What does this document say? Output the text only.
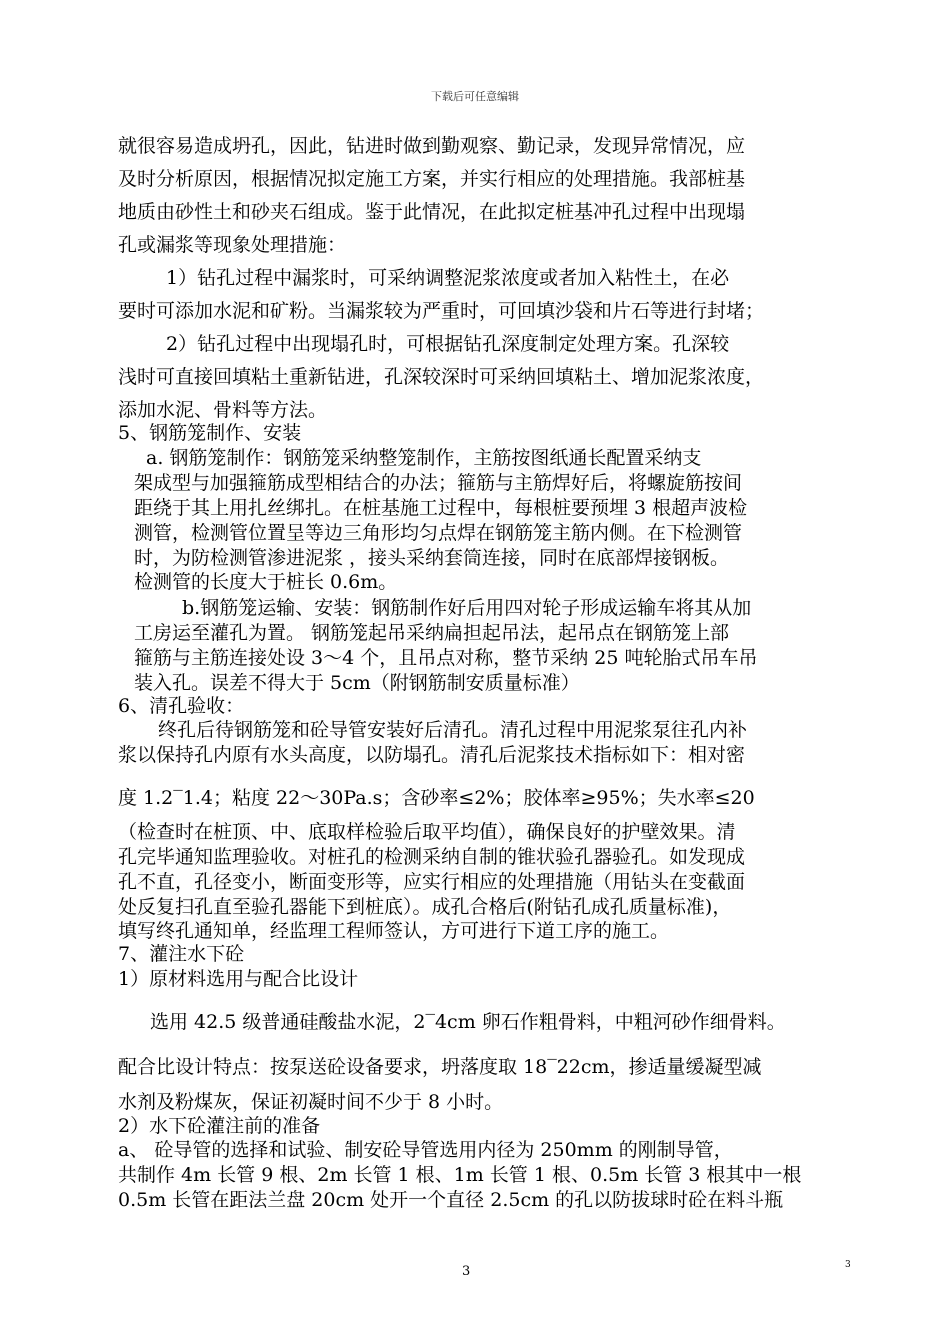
下载后可任意编辑
就很容易造成坍孔，因此，钻进时做到勤观察、勤记录，发现异常情况，应
及时分析原因，根据情况拟定施工方案，并实行相应的处理措施。我部桩基
地质由砂性土和砂夹石组成。鉴于此情况，在此拟定桩基冲孔过程中出现塌
孔或漏浆等现象处理措施：
1）钻孔过程中漏浆时，可采纳调整泥浆浓度或者加入粘性土，在必
要时可添加水泥和矿粉。当漏浆较为严重时，可回填沙袋和片石等进行封堵；
2）钻孔过程中出现塌孔时，可根据钻孔深度制定处理方案。孔深较
浅时可直接回填粘土重新钻进，孔深较深时可采纳回填粘土、增加泥浆浓度，
添加水泥、骨料等方法。
5、钢筋笼制作、安装
a. 钢筋笼制作：钢筋笼采纳整笼制作，主筋按图纸通长配置采纳支
架成型与加强箍筋成型相结合的办法；箍筋与主筋焊好后，将螺旋筋按间
距绕于其上用扎丝绑扎。在桩基施工过程中，每根桩要预埋 3 根超声波检
测管，检测管位置呈等边三角形均匀点焊在钢筋笼主筋内侧。在下检测管
时，为防检测管渗进泥浆 ，接头采纳套筒连接，同时在底部焊接钢板。
检测管的长度大于桩长 0.6m。
b.钢筋笼运输、安装：钢筋制作好后用四对轮子形成运输车将其从加
工房运至灌孔为置。 钢筋笼起吊采纳扁担起吊法，起吊点在钢筋笼上部
箍筋与主筋连接处设 3～4 个，且吊点对称，整节采纳 25 吨轮胎式吊车吊
装入孔。误差不得大于 5cm（附钢筋制安质量标准）
6、清孔验收：
终孔后待钢筋笼和砼导管安装好后清孔。清孔过程中用泥浆泵往孔内补
浆以保持孔内原有水头高度，以防塌孔。清孔后泥浆技术指标如下：相对密
度 1.2‾1.4；粘度 22～30Pa.s；含砂率≤2%；胶体率≥95%；失水率≤20
（检查时在桩顶、中、底取样检验后取平均值），确保良好的护壁效果。清
孔完毕通知监理验收。对桩孔的检测采纳自制的锥状验孔器验孔。如发现成
孔不直，孔径变小，断面变形等，应实行相应的处理措施（用钻头在变截面
处反复扫孔直至验孔器能下到桩底）。成孔合格后(附钻孔成孔质量标准)，
填写终孔通知单，经监理工程师签认，方可进行下道工序的施工。
7、灌注水下砼
1）原材料选用与配合比设计
选用 42.5 级普通硅酸盐水泥，2‾4cm 卵石作粗骨料，中粗河砂作细骨料。
配合比设计特点：按泵送砼设备要求，坍落度取 18‾22cm，掺适量缓凝型减
水剂及粉煤灰，保证初凝时间不少于 8 小时。
2）水下砼灌注前的准备
a、 砼导管的选择和试验、制安砼导管选用内径为 250mm 的刚制导管，
共制作 4m 长管 9 根、2m 长管 1 根、1m 长管 1 根、0.5m 长管 3 根其中一根
0.5m 长管在距法兰盘 20cm 处开一个直径 2.5cm 的孔以防拔球时砼在料斗瓶
3	3
